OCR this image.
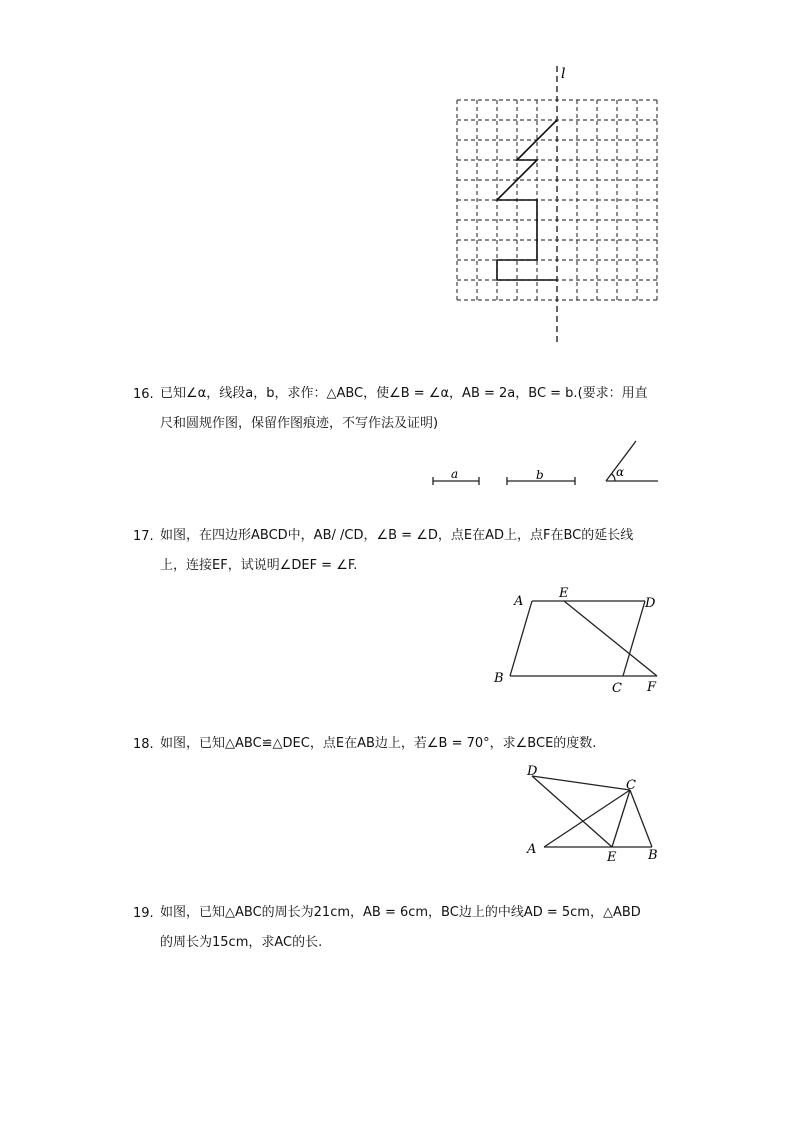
l
16. 已知∠α，线段a，b，求作：△ABC，使∠B = ∠α，AB = 2a，BC = b.(要求：用直
尺和圆规作图，保留作图痕迹，不写作法及证明)
a	b	α
17. 如图，在四边形ABCD中，AB/ /CD，∠B = ∠D，点E在AD上，点F在BC的延长线
上，连接EF，试说明∠DEF = ∠F.
A
E
D
B
C F
18. 如图，已知△ABC≌△DEC，点E在AB边上，若∠B = 70°，求∠BCE的度数.
D
C
A
E B
19. 如图，已知△ABC的周长为21cm，AB = 6cm，BC边上的中线AD = 5cm，△ABD
的周长为15cm，求AC的长.
